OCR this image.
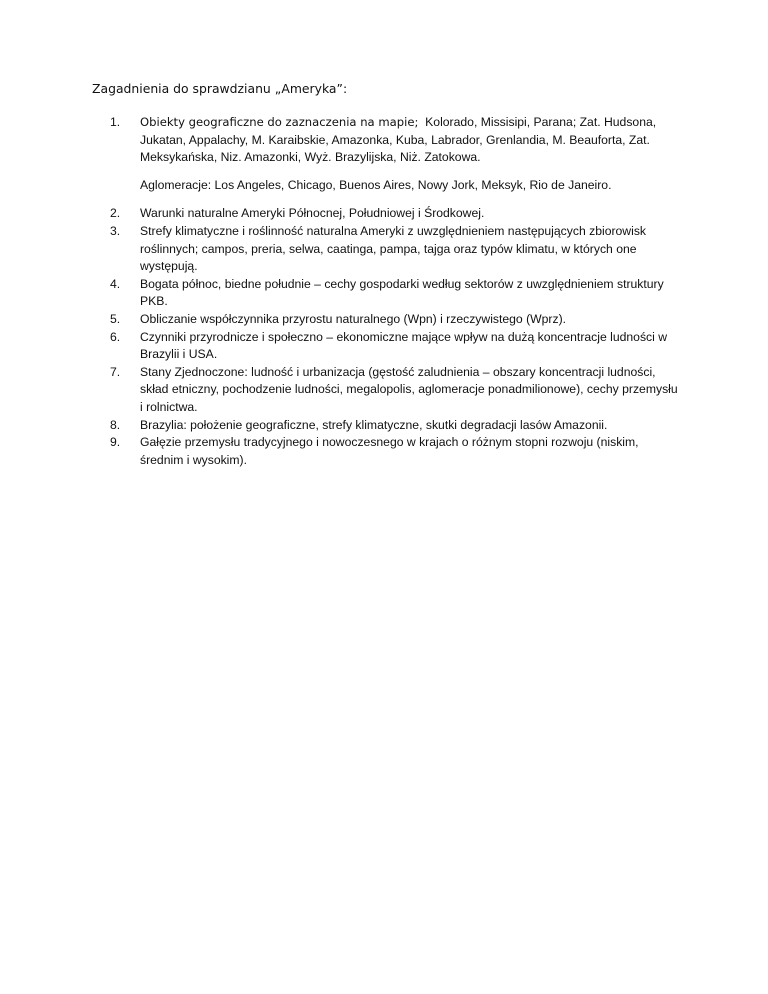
Zagadnienia do sprawdzianu „Ameryka”:
1.	Obiekty geograficzne do zaznaczenia na mapie; Kolorado, Missisipi, Parana; Zat. Hudsona, Jukatan, Appalachy, M. Karaibskie, Amazonka, Kuba, Labrador, Grenlandia, M. Beauforta, Zat. Meksykańska, Niz. Amazonki, Wyż. Brazylijska, Niż. Zatokowa.
Aglomeracje: Los Angeles, Chicago, Buenos Aires, Nowy Jork, Meksyk, Rio de Janeiro.
2.	Warunki naturalne Ameryki Północnej, Południowej i Środkowej.
3.	Strefy klimatyczne i roślinność naturalna Ameryki z uwzględnieniem następujących zbiorowisk roślinnych; campos, preria, selwa, caatinga, pampa, tajga oraz typów klimatu, w których one występują.
4.	Bogata północ, biedne południe – cechy gospodarki według sektorów z uwzględnieniem struktury PKB.
5.	Obliczanie współczynnika przyrostu naturalnego (Wpn) i rzeczywistego (Wprz).
6.	Czynniki przyrodnicze i społeczno – ekonomiczne mające wpływ na dużą koncentracje ludności w Brazylii i USA.
7.	Stany Zjednoczone: ludność i urbanizacja (gęstość zaludnienia – obszary koncentracji ludności, skład etniczny, pochodzenie ludności, megalopolis, aglomeracje ponadmilionowe), cechy przemysłu i rolnictwa.
8.	Brazylia: położenie geograficzne, strefy klimatyczne, skutki degradacji lasów Amazonii.
9.	Gałęzie przemysłu tradycyjnego i nowoczesnego w krajach o różnym stopni rozwoju (niskim, średnim i wysokim).
